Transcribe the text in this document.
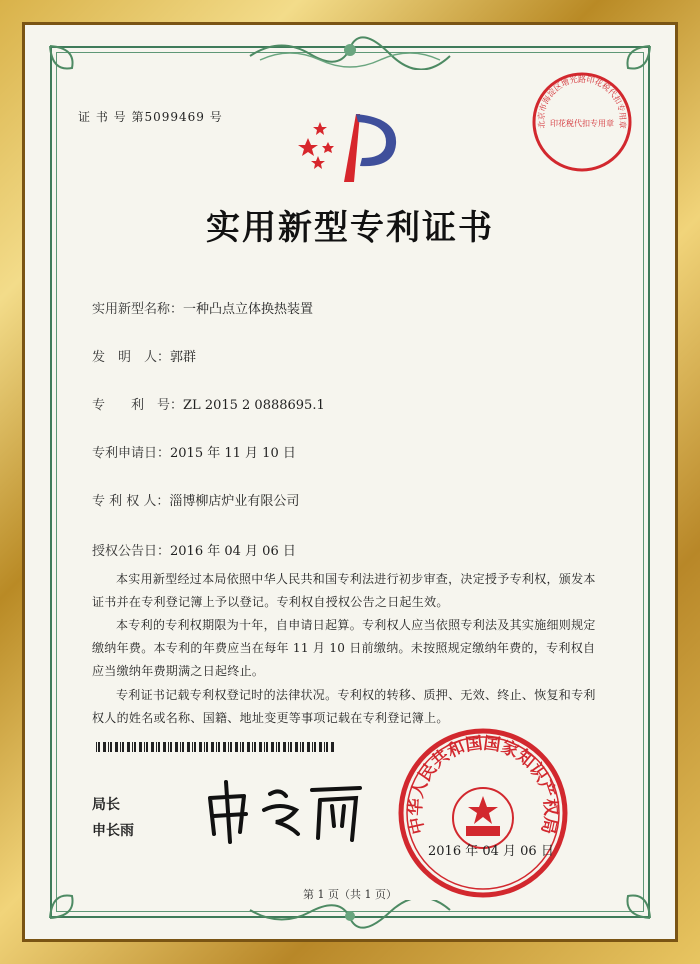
证 书 号 第5099469 号
实用新型专利证书
实用新型名称：一种凸点立体换热装置
发　明　人：郭群
专　　利　号：ZL 2015 2 0888695.1
专利申请日：2015 年 11 月 10 日
专 利 权 人：淄博柳店炉业有限公司
授权公告日：2016 年 04 月 06 日
本实用新型经过本局依照中华人民共和国专利法进行初步审查，决定授予专利权，颁发本证书并在专利登记簿上予以登记。专利权自授权公告之日起生效。
本专利的专利权期限为十年，自申请日起算。专利权人应当依照专利法及其实施细则规定缴纳年费。本专利的年费应当在每年 11 月 10 日前缴纳。未按照规定缴纳年费的，专利权自应当缴纳年费期满之日起终止。
专利证书记载专利权登记时的法律状况。专利权的转移、质押、无效、终止、恢复和专利权人的姓名或名称、国籍、地址变更等事项记载在专利登记簿上。
局长
申长雨	中华人民共和国国家知识产权局
2016 年 04 月 06 日
北京市海淀区增光路印花税代扣专用章
印花税代扣专用章
第 1 页（共 1 页）
